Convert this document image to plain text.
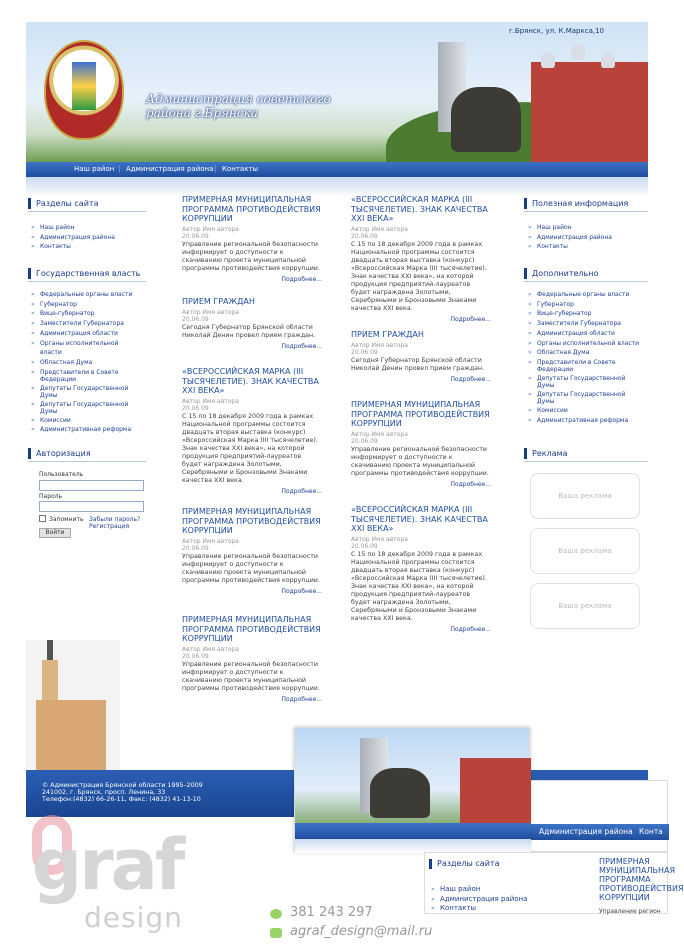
Администрация советского района г.Брянска
г.Брянск, ул. К.Маркса,10
Наш район | Администрация района | Контакты
Разделы сайта
» Наш район
» Администрация района
» Контакты
Государственная власть
» Федеральные органы власти
» Губернатор
» Вице-губернатор
» Заместители Губернатора
» Администрация области
» Органы исполнительной власти
» Областная Дума
» Представители в Совете Федерации
» Депутаты Государственной Думы
» Депутаты Государственной Думы
» Комиссии
» Административная реформа
Авторизация
Пользователь
Пароль
Запомнить Забыли пароль?
Регистрация
Войти
ПРИМЕРНАЯ МУНИЦИПАЛЬНАЯ ПРОГРАММА ПРОТИВОДЕЙСТВИЯ КОРРУПЦИИ
Автор Имя автора
20.06.09

Управление региональной безопасности информирует о доступности к скачиванию проекта муниципальной программы противодействия коррупции.

Подробнее...
ПРИЕМ ГРАЖДАН
Автор Имя автора
20.06.09

Сегодня Губернатор Брянской области Николай Денин провел прием граждан.

Подробнее...
«ВСЕРОССИЙСКАЯ МАРКА (III ТЫСЯЧЕЛЕТИЕ). ЗНАК КАЧЕСТВА XXI ВЕКА»
Автор Имя автора
20.06.09

С 15 по 18 декабря 2009 года в рамках Национальной программы состоится двадцать вторая выставка (конкурс) «Всероссийская Марка (III тысячелетие). Знак качества XXI века», на которой продукция предприятий-лауреатов будет награждена Золотыми, Серебряными и Бронзовыми Знаками качества XXI века.

Подробнее...
ПРИМЕРНАЯ МУНИЦИПАЛЬНАЯ ПРОГРАММА ПРОТИВОДЕЙСТВИЯ КОРРУПЦИИ
Автор Имя автора
20.06.09

Управление региональной безопасности информирует о доступности к скачиванию проекта муниципальной программы противодействия коррупции.

Подробнее...
ПРИМЕРНАЯ МУНИЦИПАЛЬНАЯ ПРОГРАММА ПРОТИВОДЕЙСТВИЯ КОРРУПЦИИ
Автор Имя автора
20.06.09

Управление региональной безопасности информирует о доступности к скачиванию проекта муниципальной программы противодействия коррупции.

Подробнее...
«ВСЕРОССИЙСКАЯ МАРКА (III ТЫСЯЧЕЛЕТИЕ). ЗНАК КАЧЕСТВА XXI ВЕКА»
Автор Имя автора
20.06.09

С 15 по 18 декабря 2009 года в рамках Национальной программы состоится двадцать вторая выставка (конкурс) «Всероссийская Марка (III тысячелетие). Знак качества XXI века», на которой продукция предприятий-лауреатов будет награждена Золотыми, Серебряными и Бронзовыми Знаками качества XXI века.

Подробнее...
ПРИЕМ ГРАЖДАН
Автор Имя автора
20.06.09

Сегодня Губернатор Брянской области Николай Денин провел прием граждан.

Подробнее...
ПРИМЕРНАЯ МУНИЦИПАЛЬНАЯ ПРОГРАММА ПРОТИВОДЕЙСТВИЯ КОРРУПЦИИ
Автор Имя автора
20.06.09

Управление региональной безопасности информирует о доступности к скачиванию проекта муниципальной программы противодействия коррупции.

Подробнее...
«ВСЕРОССИЙСКАЯ МАРКА (III ТЫСЯЧЕЛЕТИЕ). ЗНАК КАЧЕСТВА XXI ВЕКА»
Автор Имя автора
20.06.09

С 15 по 18 декабря 2009 года в рамках Национальной программы состоится двадцать вторая выставка (конкурс) «Всероссийская Марка (III тысячелетие). Знак качества XXI века», на которой продукция предприятий-лауреатов будет награждена Золотыми, Серебряными и Бронзовыми Знаками качества XXI века.

Подробнее...
Полезная информация
» Наш район
» Администрация района
» Контакты
Дополнительно
» Федеральные органы власти
» Губернатор
» Вице-губернатор
» Заместители Губернатора
» Администрация области
» Органы исполнительной власти
» Областная Дума
» Представители в Совете Федерации
» Депутаты Государственной Думы
» Депутаты Государственной Думы
» Комиссии
» Административная реформа
Реклама
Ваша реклама
Ваша реклама
Ваша реклама
© Администрация Брянской области 1995–2009
241002, г. Брянск, просп. Ленина, 33
Телефон:(4832) 66-26-11, Факс: (4832) 41-13-10
Администрация района Конта
Разделы сайта
» Наш район
» Администрация района
» Контакты
ПРИМЕРНАЯ МУНИЦИПАЛЬНАЯ ПРОГРАММА ПРОТИВОДЕЙСТВИЯ КОРРУПЦИИ
Управление регион
graf
design	381 243 297
agraf_design@mail.ru
